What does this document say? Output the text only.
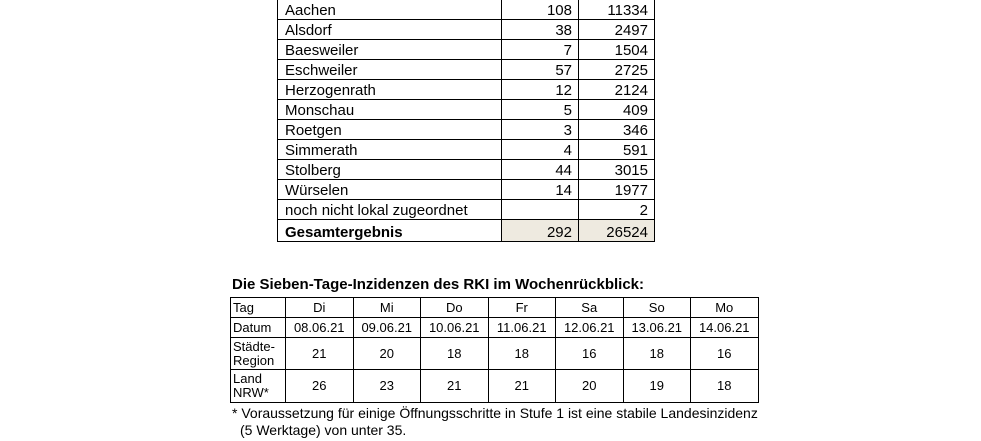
Aachen	108	11334
Alsdorf	38	2497
Baesweiler	7	1504
Eschweiler	57	2725
Herzogenrath	12	2124
Monschau	5	409
Roetgen	3	346
Simmerath	4	591
Stolberg	44	3015
Würselen	14	1977
noch nicht lokal zugeordnet		2
Gesamtergebnis	292	26524
Die Sieben-Tage-Inzidenzen des RKI im Wochenrückblick:
Tag	Di	Mi	Do	Fr	Sa	So	Mo
Datum	08.06.21	09.06.21	10.06.21	11.06.21	12.06.21	13.06.21	14.06.21
Städte-
Region	21	20	18	18	16	18	16
Land
NRW*	26	23	21	21	20	19	18
* Voraussetzung für einige Öffnungsschritte in Stufe 1 ist eine stabile Landesinzidenz
(5 Werktage) von unter 35.
